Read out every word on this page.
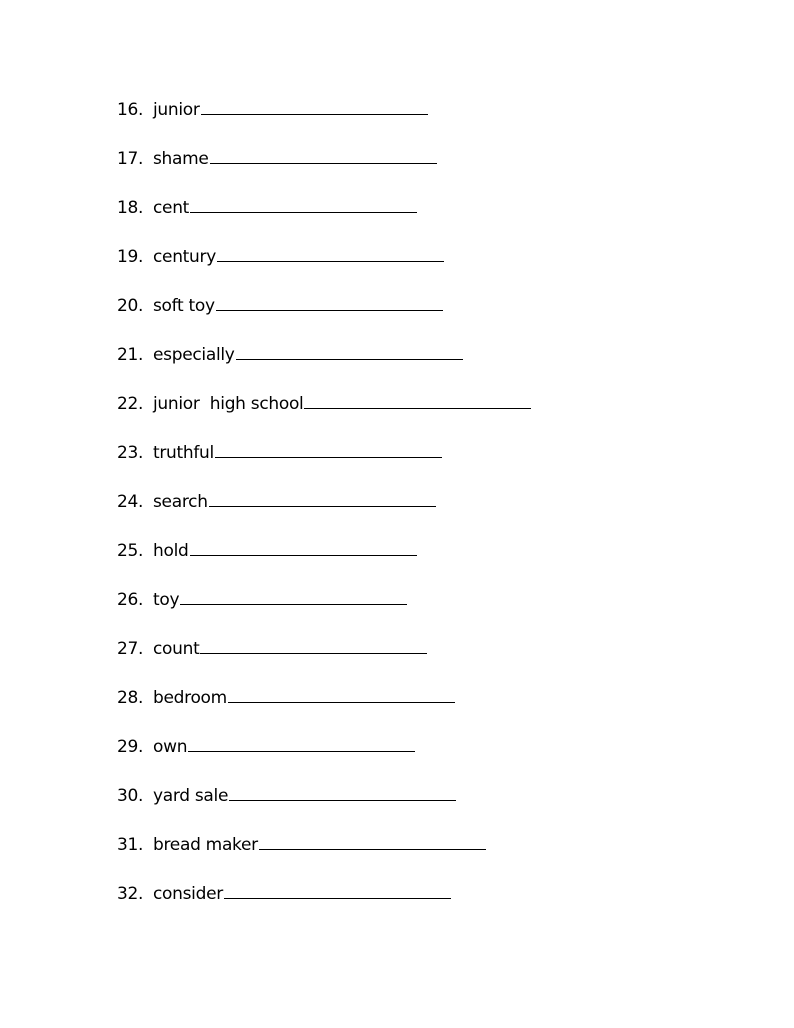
16. junior
17. shame
18. cent
19. century
20. soft toy
21. especially
22. junior  high school
23. truthful
24. search
25. hold
26. toy
27. count
28. bedroom
29. own
30. yard sale
31. bread maker
32. consider
